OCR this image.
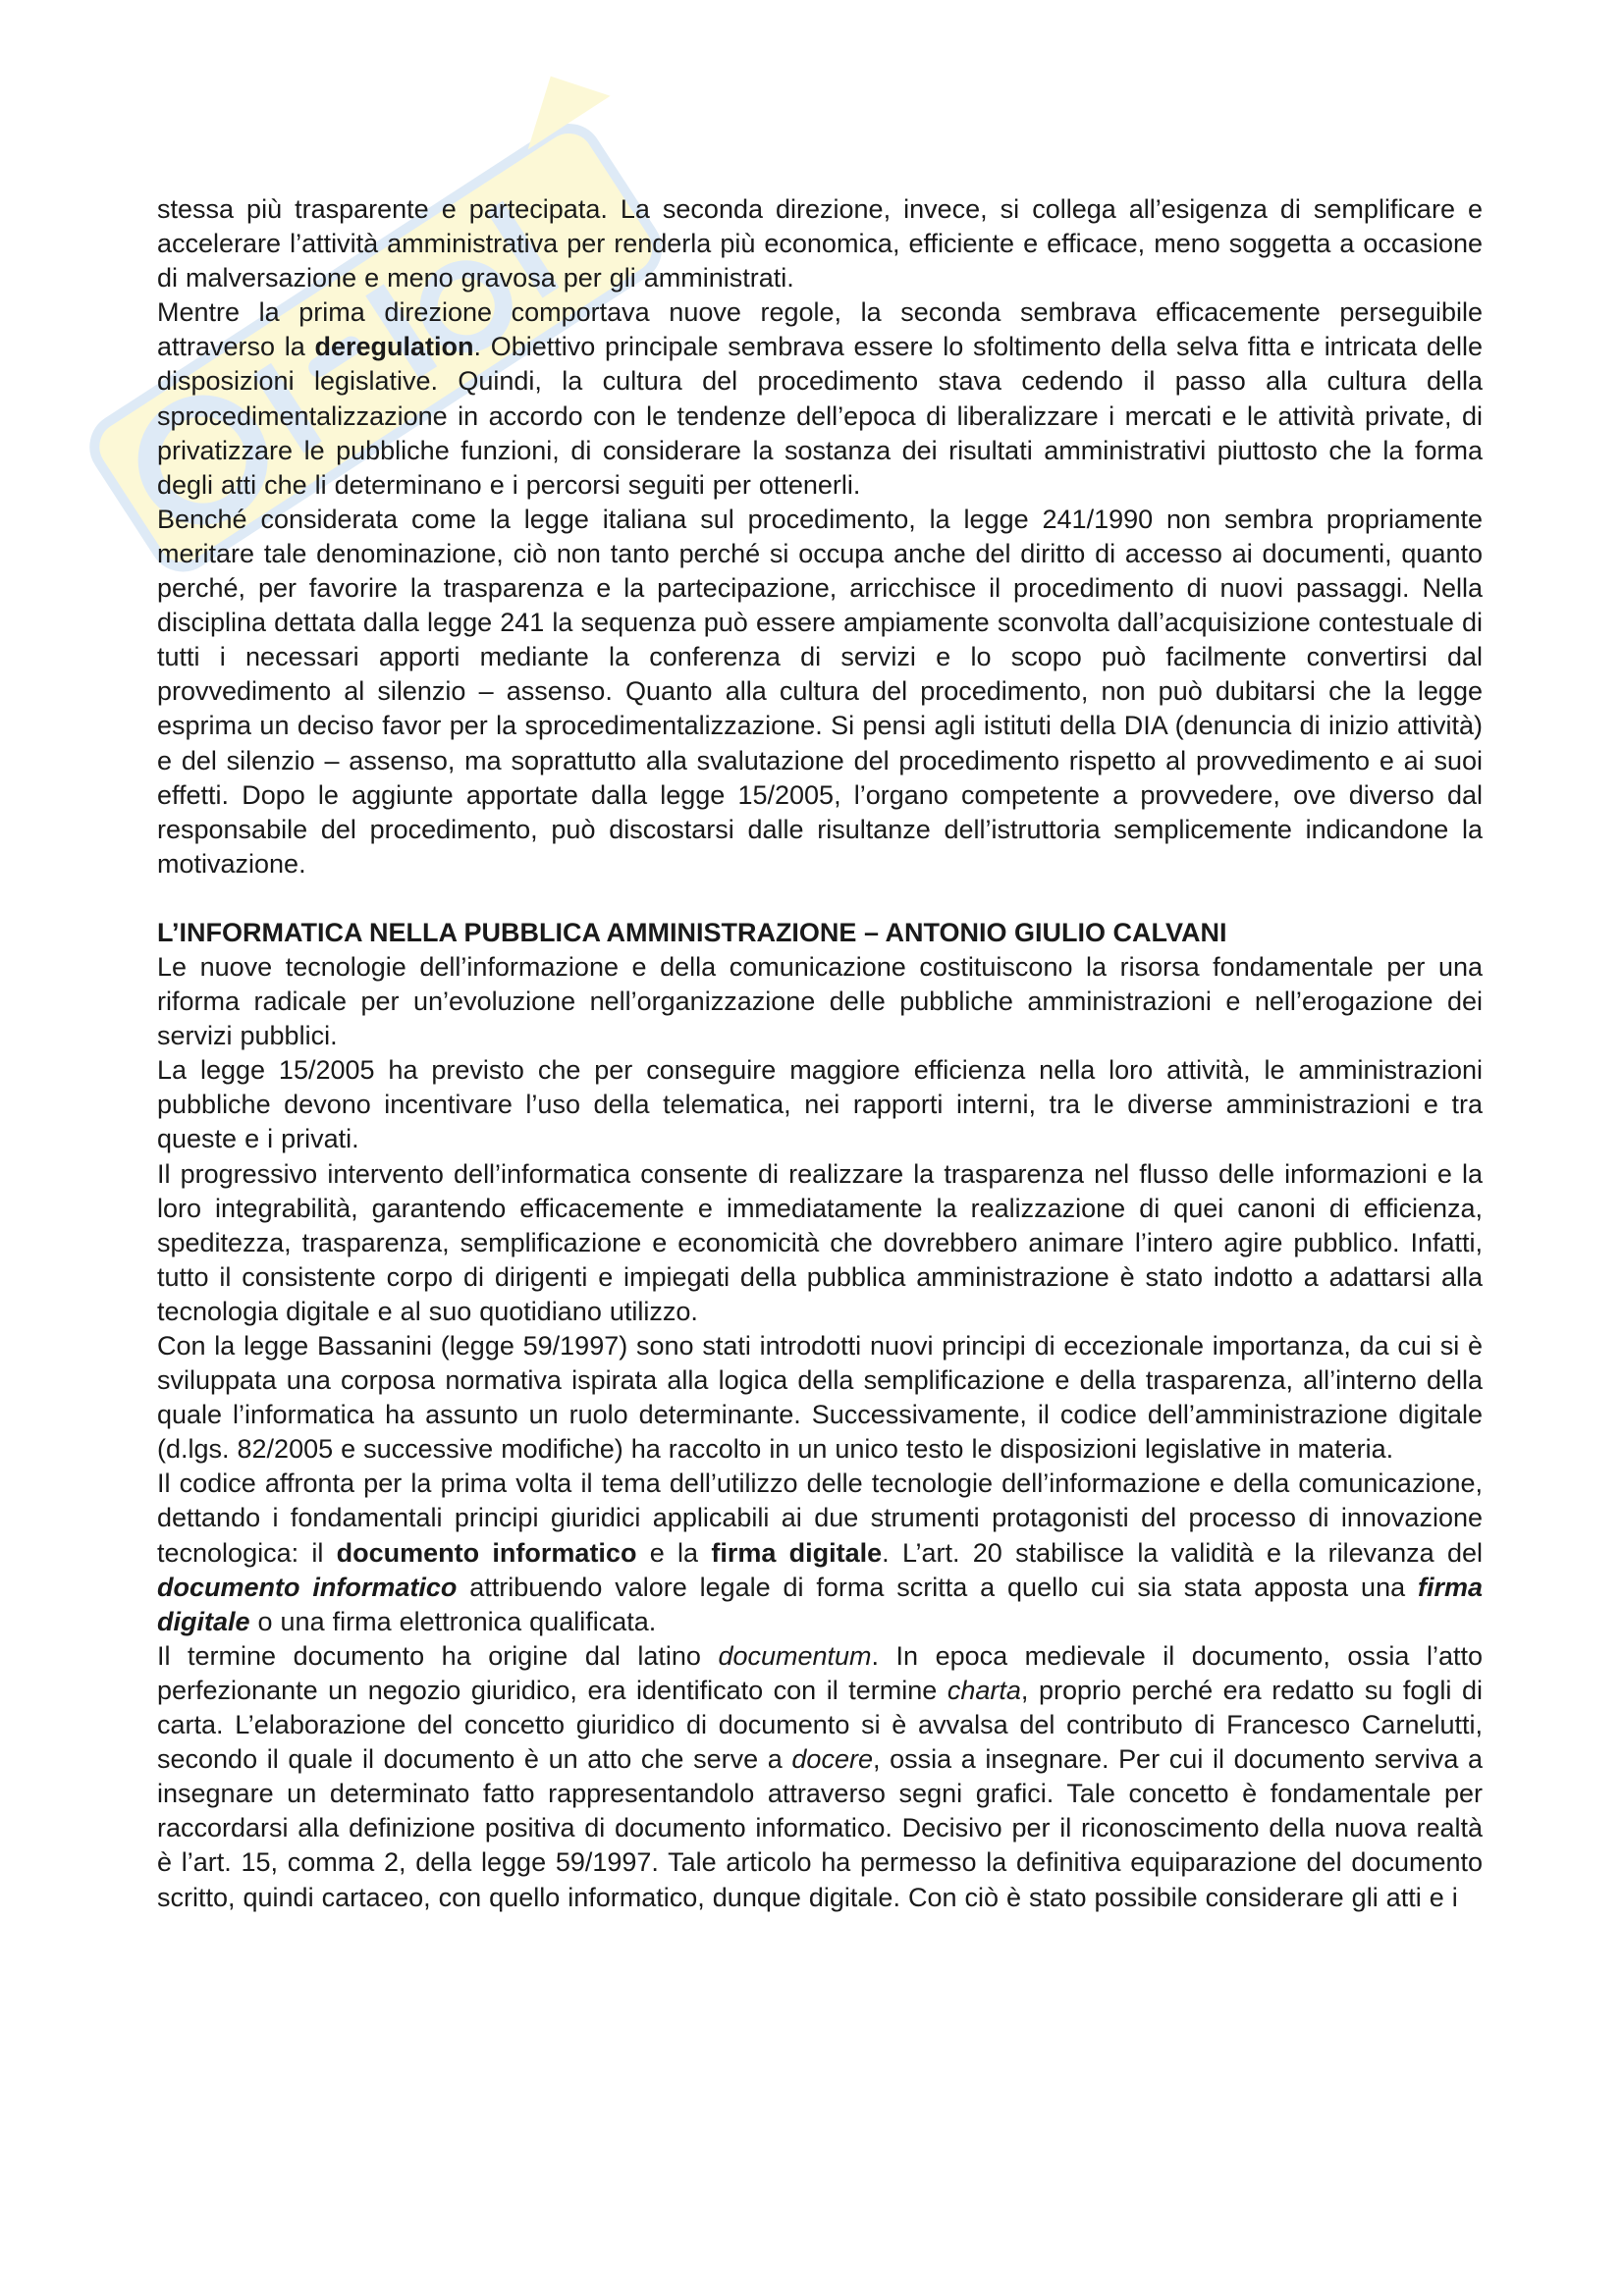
stessa più trasparente e partecipata. La seconda direzione, invece, si collega all’esigenza di semplificare e accelerare l’attività amministrativa per renderla più economica, efficiente e efficace, meno soggetta a occasione di malversazione e meno gravosa per gli amministrati.

Mentre la prima direzione comportava nuove regole, la seconda sembrava efficacemente perseguibile attraverso la deregulation. Obiettivo principale sembrava essere lo sfoltimento della selva fitta e intricata delle disposizioni legislative. Quindi, la cultura del procedimento stava cedendo il passo alla cultura della sprocedimentalizzazione in accordo con le tendenze dell’epoca di liberalizzare i mercati e le attività private, di privatizzare le pubbliche funzioni, di considerare la sostanza dei risultati amministrativi piuttosto che la forma degli atti che li determinano e i percorsi seguiti per ottenerli.

Benché considerata come la legge italiana sul procedimento, la legge 241/1990 non sembra propriamente meritare tale denominazione, ciò non tanto perché si occupa anche del diritto di accesso ai documenti, quanto perché, per favorire la trasparenza e la partecipazione, arricchisce il procedimento di nuovi passaggi. Nella disciplina dettata dalla legge 241 la sequenza può essere ampiamente sconvolta dall’acquisizione contestuale di tutti i necessari apporti mediante la conferenza di servizi e lo scopo può facilmente convertirsi dal provvedimento al silenzio – assenso. Quanto alla cultura del procedimento, non può dubitarsi che la legge esprima un deciso favor per la sprocedimentalizzazione. Si pensi agli istituti della DIA (denuncia di inizio attività) e del silenzio – assenso, ma soprattutto alla svalutazione del procedimento rispetto al provvedimento e ai suoi effetti. Dopo le aggiunte apportate dalla legge 15/2005, l’organo competente a provvedere, ove diverso dal responsabile del procedimento, può discostarsi dalle risultanze dell’istruttoria semplicemente indicandone la motivazione.

L’INFORMATICA NELLA PUBBLICA AMMINISTRAZIONE – ANTONIO GIULIO CALVANI

Le nuove tecnologie dell’informazione e della comunicazione costituiscono la risorsa fondamentale per una riforma radicale per un’evoluzione nell’organizzazione delle pubbliche amministrazioni e nell’erogazione dei servizi pubblici.

La legge 15/2005 ha previsto che per conseguire maggiore efficienza nella loro attività, le amministrazioni pubbliche devono incentivare l’uso della telematica, nei rapporti interni, tra le diverse amministrazioni e tra queste e i privati.

Il progressivo intervento dell’informatica consente di realizzare la trasparenza nel flusso delle informazioni e la loro integrabilità, garantendo efficacemente e immediatamente la realizzazione di quei canoni di efficienza, speditezza, trasparenza, semplificazione e economicità che dovrebbero animare l’intero agire pubblico. Infatti, tutto il consistente corpo di dirigenti e impiegati della pubblica amministrazione è stato indotto a adattarsi alla tecnologia digitale e al suo quotidiano utilizzo.

Con la legge Bassanini (legge 59/1997) sono stati introdotti nuovi principi di eccezionale importanza, da cui si è sviluppata una corposa normativa ispirata alla logica della semplificazione e della trasparenza, all’interno della quale l’informatica ha assunto un ruolo determinante. Successivamente, il codice dell’amministrazione digitale (d.lgs. 82/2005 e successive modifiche) ha raccolto in un unico testo le disposizioni legislative in materia.

Il codice affronta per la prima volta il tema dell’utilizzo delle tecnologie dell’informazione e della comunicazione, dettando i fondamentali principi giuridici applicabili ai due strumenti protagonisti del processo di innovazione tecnologica: il documento informatico e la firma digitale. L’art. 20 stabilisce la validità e la rilevanza del documento informatico attribuendo valore legale di forma scritta a quello cui sia stata apposta una firma digitale o una firma elettronica qualificata.

Il termine documento ha origine dal latino documentum. In epoca medievale il documento, ossia l’atto perfezionante un negozio giuridico, era identificato con il termine charta, proprio perché era redatto su fogli di carta. L’elaborazione del concetto giuridico di documento si è avvalsa del contributo di Francesco Carnelutti, secondo il quale il documento è un atto che serve a docere, ossia a insegnare. Per cui il documento serviva a insegnare un determinato fatto rappresentandolo attraverso segni grafici. Tale concetto è fondamentale per raccordarsi alla definizione positiva di documento informatico. Decisivo per il riconoscimento della nuova realtà è l’art. 15, comma 2, della legge 59/1997. Tale articolo ha permesso la definitiva equiparazione del documento scritto, quindi cartaceo, con quello informatico, dunque digitale. Con ciò è stato possibile considerare gli atti e i
